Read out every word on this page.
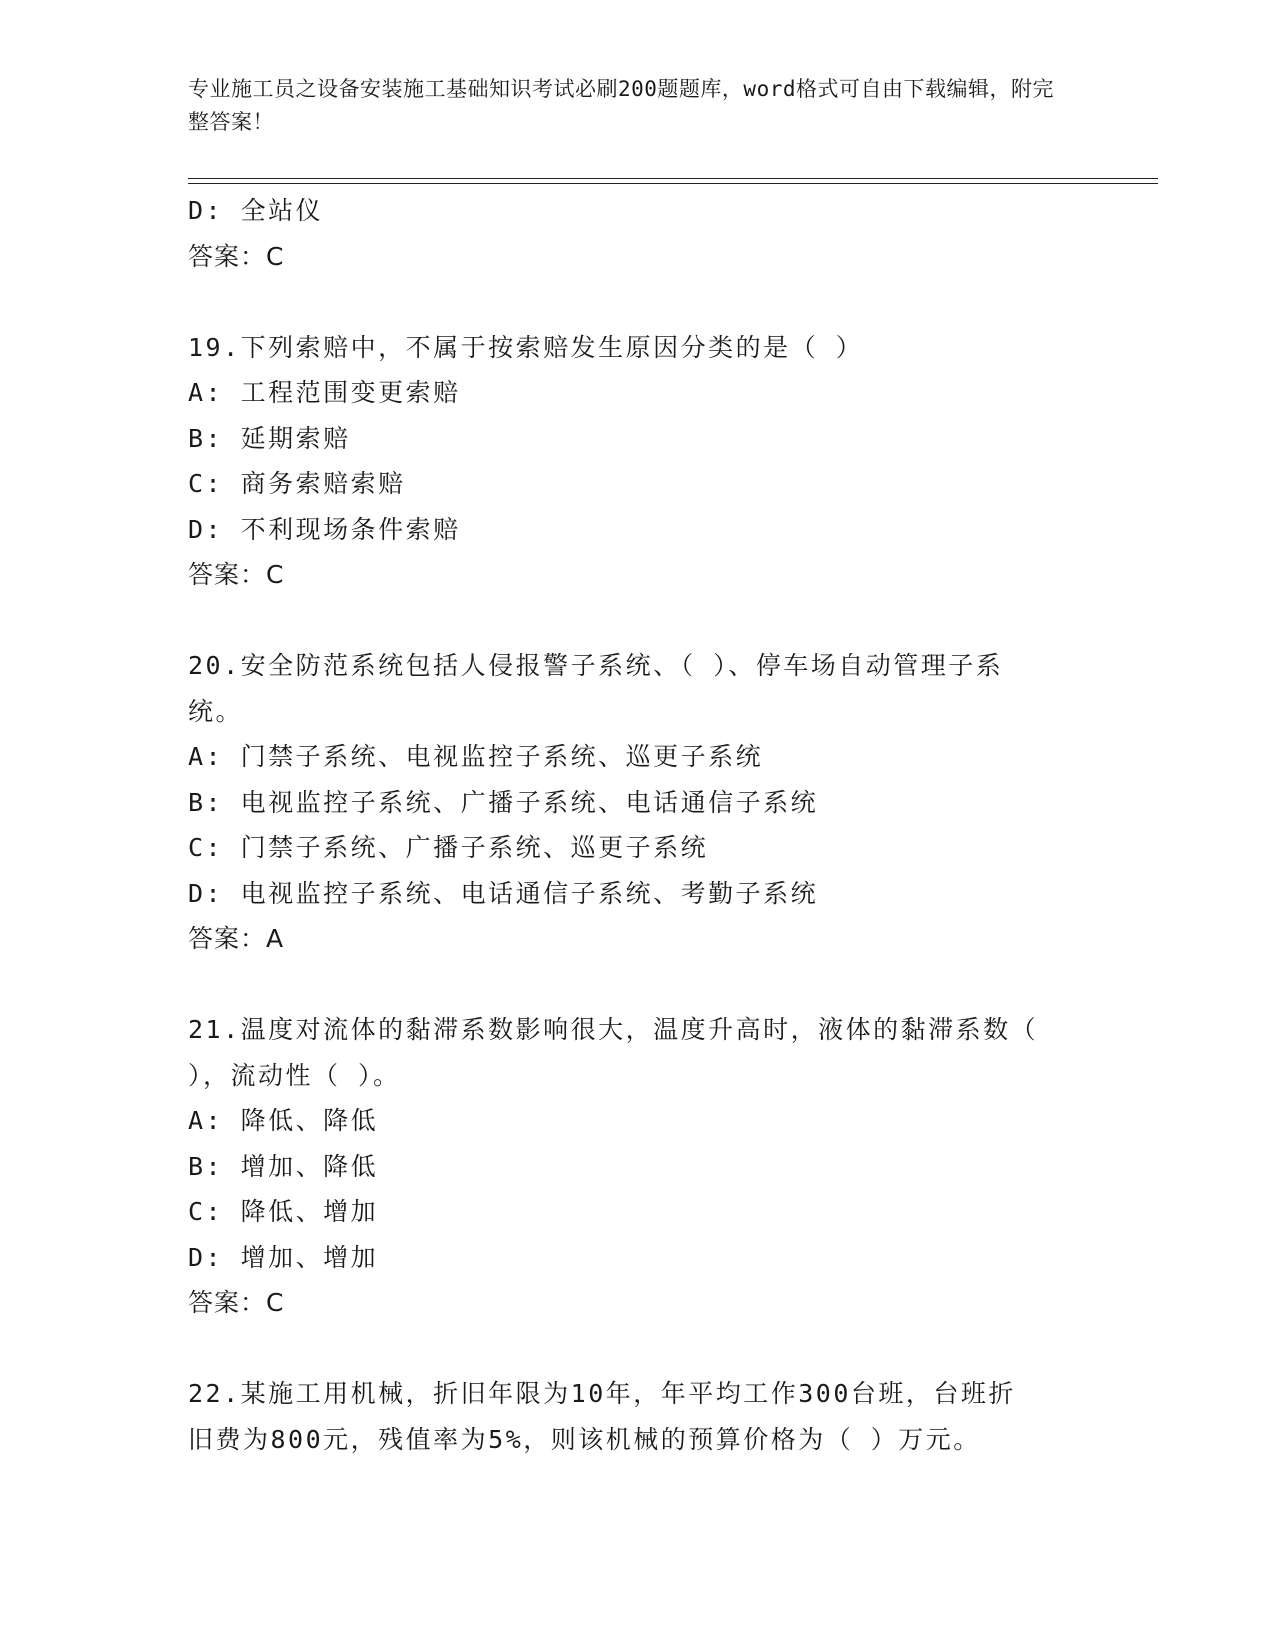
专业施工员之设备安装施工基础知识考试必刷200题题库，word格式可自由下载编辑，附完整答案！
D: 全站仪
答案：C
19.下列索赔中，不属于按索赔发生原因分类的是（ ）
A: 工程范围变更索赔
B: 延期索赔
C: 商务索赔索赔
D: 不利现场条件索赔
答案：C
20.安全防范系统包括人侵报警子系统、（ ）、停车场自动管理子系
统。
A: 门禁子系统、电视监控子系统、巡更子系统
B: 电视监控子系统、广播子系统、电话通信子系统
C: 门禁子系统、广播子系统、巡更子系统
D: 电视监控子系统、电话通信子系统、考勤子系统
答案：A
21.温度对流体的黏滞系数影响很大，温度升高时，液体的黏滞系数（
），流动性（ ）。
A: 降低、降低
B: 增加、降低
C: 降低、增加
D: 增加、增加
答案：C
22.某施工用机械，折旧年限为10年，年平均工作300台班，台班折
旧费为800元，残值率为5%，则该机械的预算价格为（ ）万元。
